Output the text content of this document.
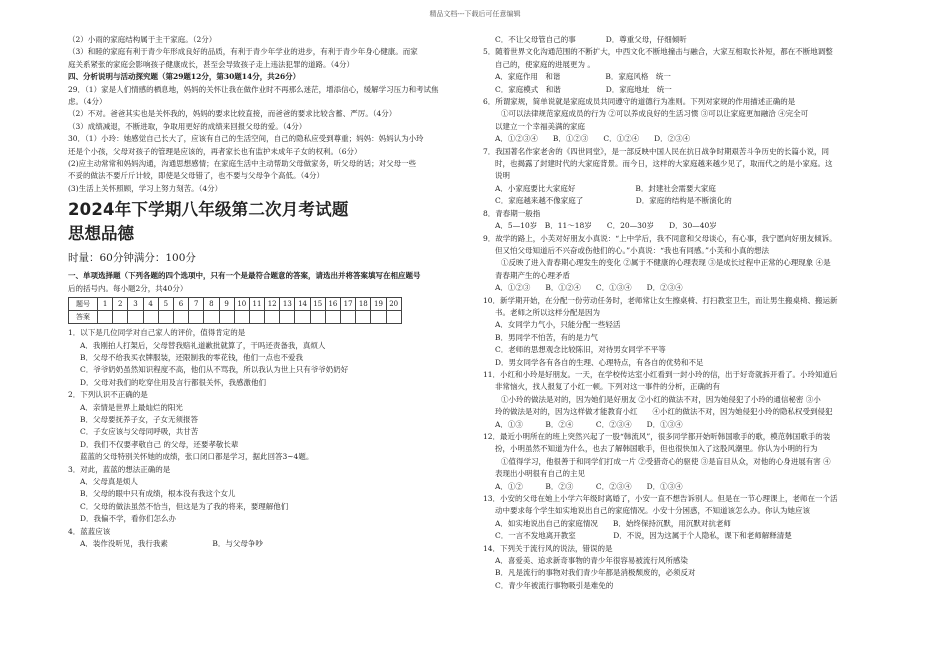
精品文档---下载后可任意编辑

（2）小雨的家庭结构属于主干家庭。（2分）

（3）和睦的家庭有利于青少年形成良好的品质，有利于青少年学业的进步，有利于青少年身心健康。而家

庭关系紧张的家庭会影响孩子健康成长，甚至会导致孩子走上违法犯罪的道路。（4分）

四、分析说明与活动探究题（第29题12分，第30题14分，共26分）

29．（1）家是人们情感的栖息地，妈妈的关怀让我在做作业时不再那么迷茫，增添信心，缓解学习压力和考试焦

虑。（4分）

（2）不对。爸爸其实也是关怀我的，妈妈的要求比较直接，而爸爸的要求比较含蓄、严厉。（4分）

（3）成绩减退，不断进取，争取用更好的成绩来回报父母的爱。（4分）

30．（1）小玲：她感觉自己长大了，应该有自己的生活空间，自己的隐私应受到尊重；妈妈：妈妈认为小玲

还是个小孩，父母对孩子的管理是应该的，再者家长也有监护未成年子女的权利。（6分）

(2)应主动常常和妈妈沟通，沟通思想感情；在家庭生活中主动帮助父母做家务，听父母的话；对父母一些

不妥的做法不要斤斤计较，即使是父母错了，也不要与父母争个高低。（4分）

(3)生活上关怀照顾，学习上努力刻苦。（4分）

2024年下学期八年级第二次月考试题
思想品德
时量：60分钟满分：100分

一、单项选择题（下列各题的四个选项中，只有一个是最符合题意的答案，请选出并将答案填写在相应题号

后的括号内。每小题2分，共40分）

题号	1	2	3	4	5	6	7	8	9	10	11	12	13	14	15	16	17	18	19	20
答案																				

1．以下是几位同学对自己家人的评价，值得肯定的是

A．我刚拍人打架后，父母替我赔礼道歉批就算了，干吗还责备我，真烦人

B．父母不给我买衣牌服装，还限制我的零花钱，他们一点也不爱我

C．爷爷奶奶虽然知识程度不高，他们从不骂我，所以我认为世上只有爷爷奶奶好

D．父母对我们的吃穿住用及言行都很关怀，我感激他们

2．下列认识不正确的是

A．亲情是世界上最灿烂的阳光

B．父母要抚养子女，子女无须报答

C．子女应该与父母同呼吸，共甘苦

D．我们不仅要孝敬自己 的父母，还要孝敬长辈

蓝蓝的父母特别关怀她的成绩，张口闭口都是学习，据此回答3~4题。

3．对此，蓝蓝的想法正确的是

A．父母真是烦人

B．父母的眼中只有成绩，根本没有我这个女儿

C．父母的做法虽然不恰当，但这是为了我的将来，要理解他们

D．我偏不学，看你们怎么办

4．蓝蓝应该

A．装作没听见，我行我素	B．与父母争吵

C．不让父母管自己的事　　　　D．尊重父母，仔细倾听

5．随着世界文化沟通范围的不断扩大，中西文化不断地撞击与融合，大家互相取长补短，都在不断地调整

自己的，使家庭的进展更为 。

A．家庭作用　和谐　　　　　　B．家庭风格　统一

C．家庭模式　和谐　　　　　　D．家庭地址　统一

6．所谓家规，简单说就是家庭成员共同遵守的道德行为准则。下列对家规的作用描述正确的是

①可以法律规范家庭成员的行为 ②可以养成良好的生活习惯 ③可以让家庭更加融洽 ④完全可

以建立一个幸福美满的家庭

A．①②③④　　B．①②③　　C．①②④　　D．②③④

7．我国著名作家老舍的《四世同堂》，是一部反映中国人民在抗日战争时期艰苦斗争历史的长篇小说，同

时，也揭露了封建时代的大家庭背景。而今日，这样的大家庭越来越少见了，取而代之的是小家庭。这

说明

A．小家庭要比大家庭好　　　　　　　　B．封建社会需要大家庭

C．家庭越来越不像家庭了　　　　　　　D．家庭的结构是不断演化的

8．青春期一般指

A．5—10岁　B．11～18岁　　C．20—30岁　　D．30—40岁

9．故学的路上，小芙对好朋友小真说：“上中学后，我不同意和父母谈心，有心事，我宁愿向好朋友倾诉。

但又怕父母知道后不兴奋或伤他们的心。”小真说：“我也有同感。”小芙和小真的想法

①反映了进入青春期心理发生的变化 ②属于不健康的心理表现 ③是成长过程中正常的心理现象 ④是

青春期产生的心理矛盾

A．①②③　　B．①②④　　C．①③④　　D．②③④

10．新学期开始，在分配一份劳动任务时，老师常让女生擦桌椅、打扫教室卫生，而让男生搬桌椅、搬运新

书。老师之所以这样分配是因为

A．女同学力气小，只能分配一些轻活

B．男同学不怕苦，有的是力气

C．老师的思想观念比较陈旧，对待男女同学不平等

D．男女同学各有各自的生理、心理特点，有各自的优势和不足

11．小红和小玲是好朋友。一天，在学校传达室小红看到一封小玲的信，出于好奇就拆开看了。小玲知道后

非常恼火，找人报复了小红一顿。下列对这一事件的分析，正确的有

①小玲的做法是对的，因为她们是好朋友 ②小红的做法不对，因为她侵犯了小玲的通信秘密 ③小

玲的做法是对的，因为这样做才能教育小红　　④小红的做法不对，因为她侵犯小玲的隐私权受到侵犯

A．①③　　　B．②④　　　C．②③④　　D．①③④

12．最近小明所在的班上突然兴起了一股“韩流风”，很多同学都开始听韩国歌手的歌，模范韩国歌手的装

扮，小明虽然不知道为什么，也去了解韩国歌手，但也很快加入了这股风潮里。你认为小明的行为

①值得学习，他很善于和同学们打成一片 ②受猎奇心的驱使 ③是盲目从众，对他的心身进展有害 ④

表现出小明很有自己的主见

A．①②　　　B．②③　　　C．②③④　　D．①③④

13．小安的父母在她上小学六年级时离婚了，小安一直不想告诉别人。但是在一节心理课上，老师在一个活

动中要求每个学生如实地说出自己的家庭情况。小安十分困惑，不知道该怎么办。你认为她应该

A．如实地说出自己的家庭情况　　B．始终保持沉默，用沉默对抗老师

C．一言不发地离开教室　　　　　D．不说，因为这属于个人隐私，课下和老师解释清楚

14．下列关于流行风的说法，错误的是

A．喜爱美、追求新奇事物的青少年很容易被流行风所感染

B．凡是流行的事物对我们青少年都是消极颓废的，必须反对

C．青少年被流行事物吸引是难免的
